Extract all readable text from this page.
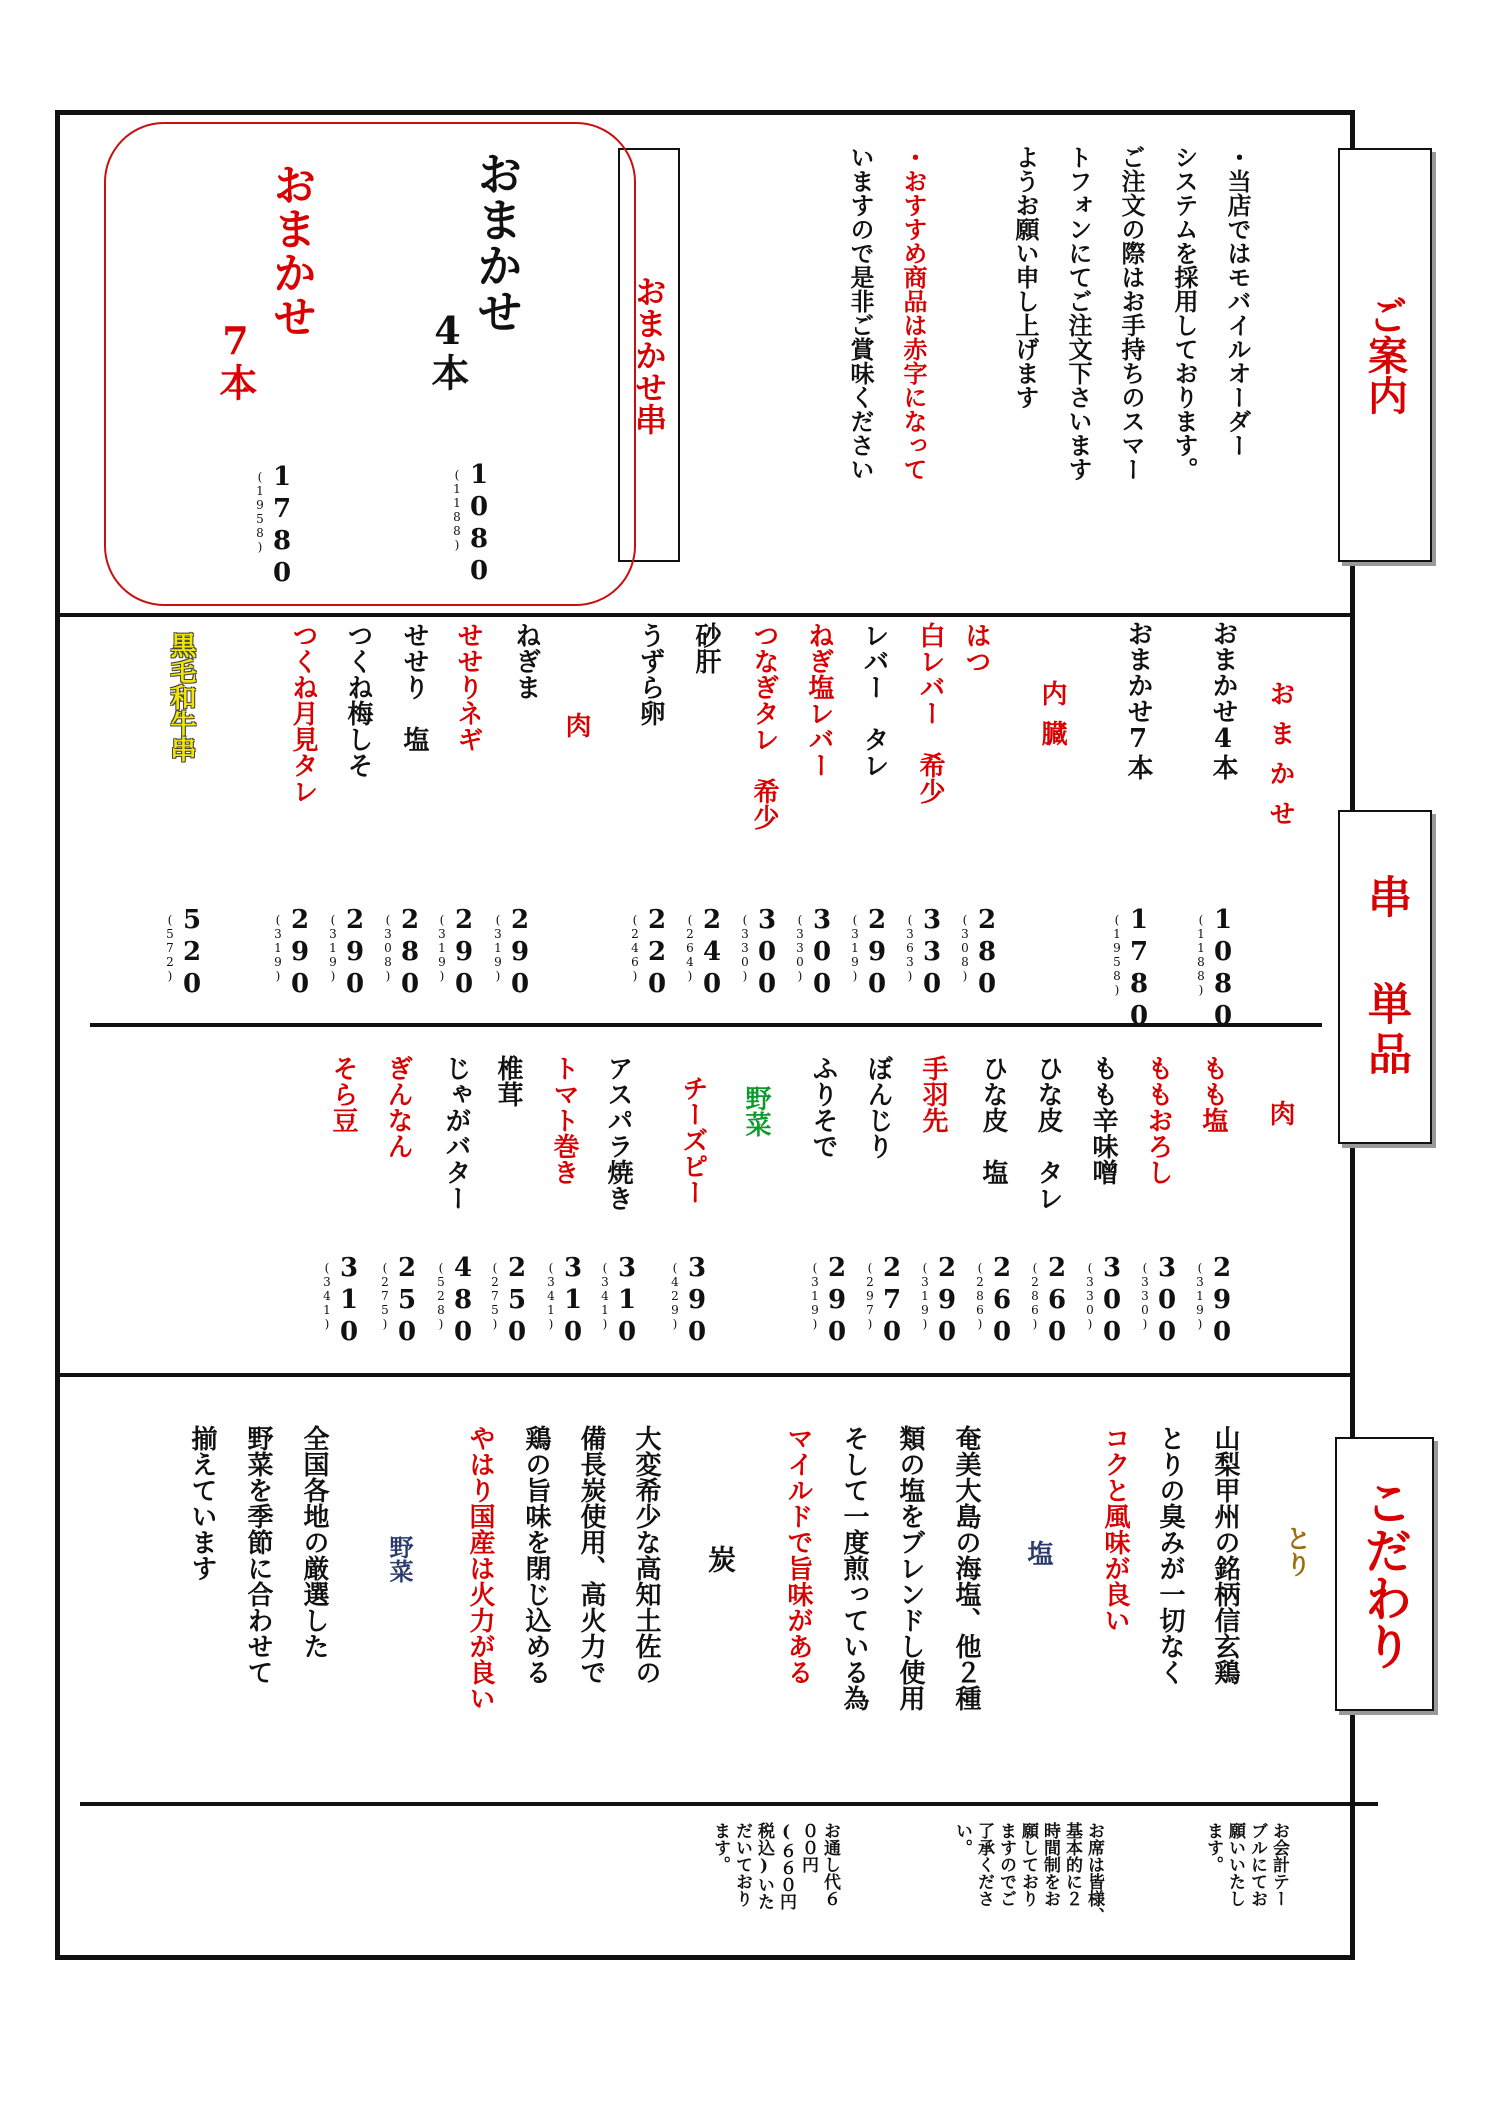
ご案内
串 単品
こだわり
・当店ではモバイルオーダー
システムを採用しております。
ご注文の際はお手持ちのスマー
トフォンにてご注文下さいます
ようお願い申し上げます
・おすすめ商品は赤字になって
いますので是非ご賞味ください
おまかせ串
おまかせ
4本
1080
(1188)
おまかせ
7本
1780
(1958)
おまかせ
内臓
肉	おまかせ4本
おまかせ7本
はつ
白レバー　希少
レバー　タレ
ねぎ塩レバー
つなぎタレ　希少
砂肝
うずら卵
ねぎま
せせりネギ
せせり　塩
つくね梅しそ
つくね月見タレ
黒毛和牛串
1080
(1188)
1780
(1958)
280
(308)
330
(363)
290
(319)
300
(330)
300
(330)
240
(264)
220
(246)
290
(319)
290
(319)
280
(308)
290
(319)
290
(319)
520
(572)
肉
野菜	もも塩
ももおろし
もも辛味噌
ひな皮　タレ
ひな皮　塩
手羽先
ぼんじり
ふりそで
チーズピー
アスパラ焼き
トマト巻き
椎茸
じゃがバター
ぎんなん
そら豆
290
(319)
300
(330)
300
(330)
260
(286)
260
(286)
290
(319)
270
(297)
290
(319)
390
(429)
310
(341)
310
(341)
250
(275)
480
(528)
250
(275)
310
(341)
とり
山梨甲州の銘柄信玄鶏
とりの臭みが一切なく
コクと風味が良い
塩
奄美大島の海塩、他２種
類の塩をブレンドし使用
そして一度煎っている為
マイルドで旨味がある
炭
大変希少な高知土佐の
備長炭使用、高火力で
鶏の旨味を閉じ込める
やはり国産は火力が良い
野菜
全国各地の厳選した
野菜を季節に合わせて
揃えています
お会計テー
ブルにてお
願いいたし
ます。
お席は皆様、
基本的に２
時間制をお
願しており
ますのでご
了承くださ
い。
お通し代６
００円
(６６０円
税込)いた
だいており
ます。
